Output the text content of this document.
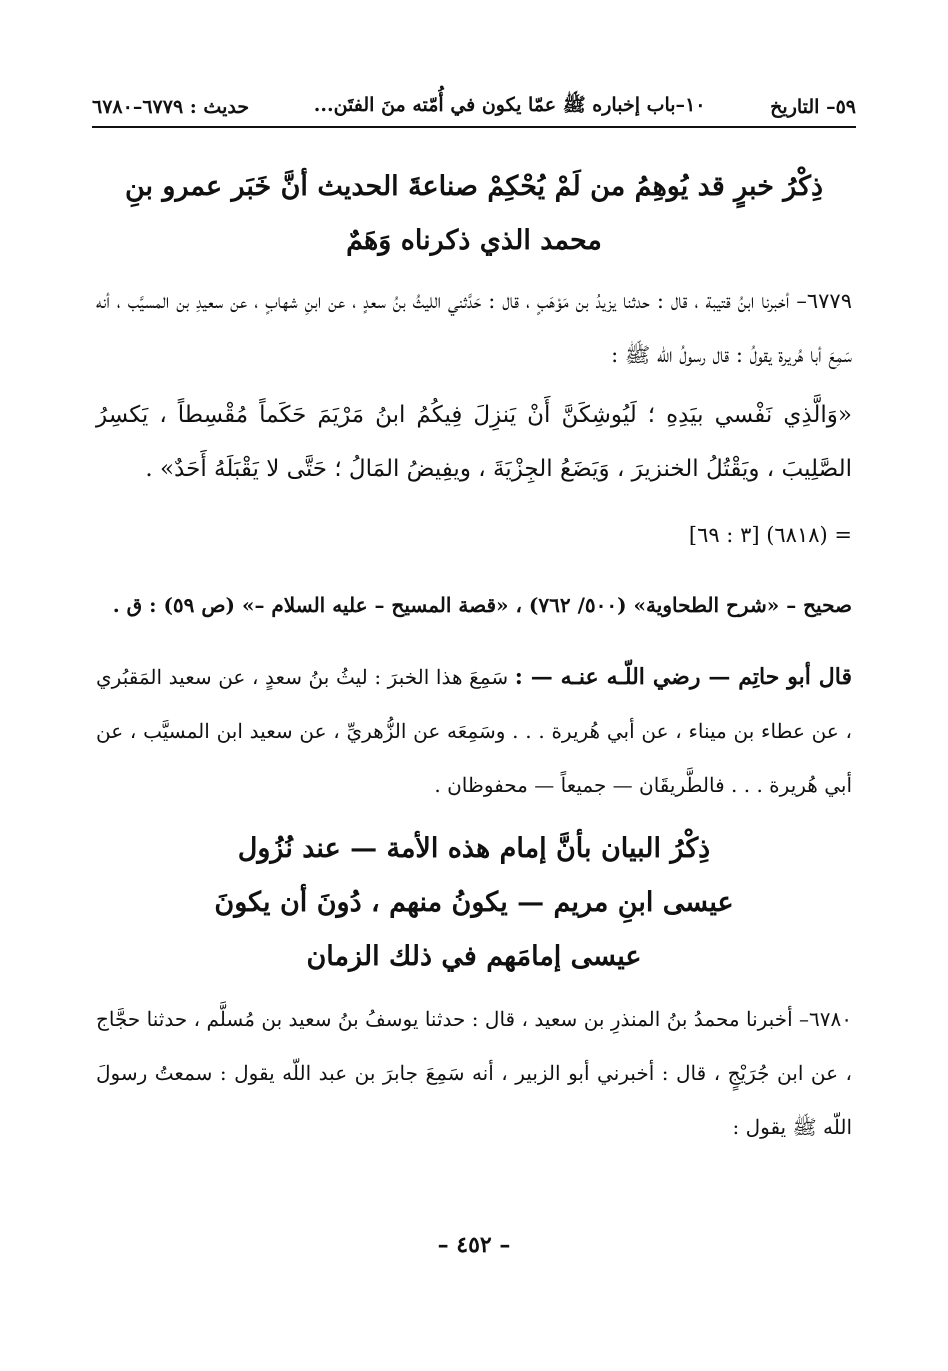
٥٩– التاريخ
١٠–باب إخباره ﷺ عمّا يكون في أُمّته منَ الفتَن...
حديث : ٦٧٧٩–٦٧٨٠
ذِكْرُ خبرٍ قد يُوهِمُ من لَمْ يُحْكِمْ صناعةَ الحديث أنَّ خَبَر عمرو بنِ محمد الذي ذكرناه وَهَمٌ

٦٧٧٩– أخبرنا ابنُ قتيبة ، قال : حدثنا يزيدُ بن مَوْهَبٍ ، قال : حَدَّثني الليثُ بنُ سعدٍ ، عن ابنِ شهابٍ ، عن سعيدِ بن المسيَّب ، أنه سَمِعَ أبا هُريرة يقولُ : قال رسولُ اللّه ﷺ :

«وَالَّذِي نَفْسي بيَدِهِ ؛ لَيُوشِكَنَّ أَنْ يَنزِلَ فِيكُمُ ابنُ مَرْيَمَ حَكَماً مُقْسِطاً ، يَكسِرُ الصَّلِيبَ ، ويَقْتُلُ الخنزيرَ ، وَيَضَعُ الجِزْيَةَ ، ويفِيضُ المَالُ ؛ حَتَّى لا يَقْبَلَهُ أَحَدٌ» .

= (٦٨١٨) [٣ : ٦٩]

صحيح – «شرح الطحاوية» (٥٠٠/ ٧٦٢) ، «قصة المسيح – عليه السلام –» (ص ٥٩) : ق .

قال أبو حاتِم — رضي اللّـه عنـه — : سَمِعَ هذا الخبرَ : ليثُ بنُ سعدٍ ، عن سعيد المَقبُري ، عن عطاء بن ميناء ، عن أبي هُريرة . . . وسَمِعَه عن الزُّهريِّ ، عن سعيد ابن المسيَّب ، عن أبي هُريرة . . . فالطَّريقَان — جميعاً — محفوظان .

ذِكْرُ البيان بأنَّ إمام هذه الأمة — عند نُزُول عيسى ابنِ مريم — يكونُ منهم ، دُونَ أن يكونَ عيسى إمامَهم في ذلك الزمان

٦٧٨٠– أخبرنا محمدُ بنُ المنذرِ بن سعيد ، قال : حدثنا يوسفُ بنُ سعيد بن مُسلَّم ، حدثنا حجَّاج ، عن ابن جُرَيْجٍ ، قال : أخبرني أبو الزبير ، أنه سَمِعَ جابرَ بن عبد اللّه يقول : سمعتُ رسولَ اللّه ﷺ يقول :

– ٤٥٢ –
